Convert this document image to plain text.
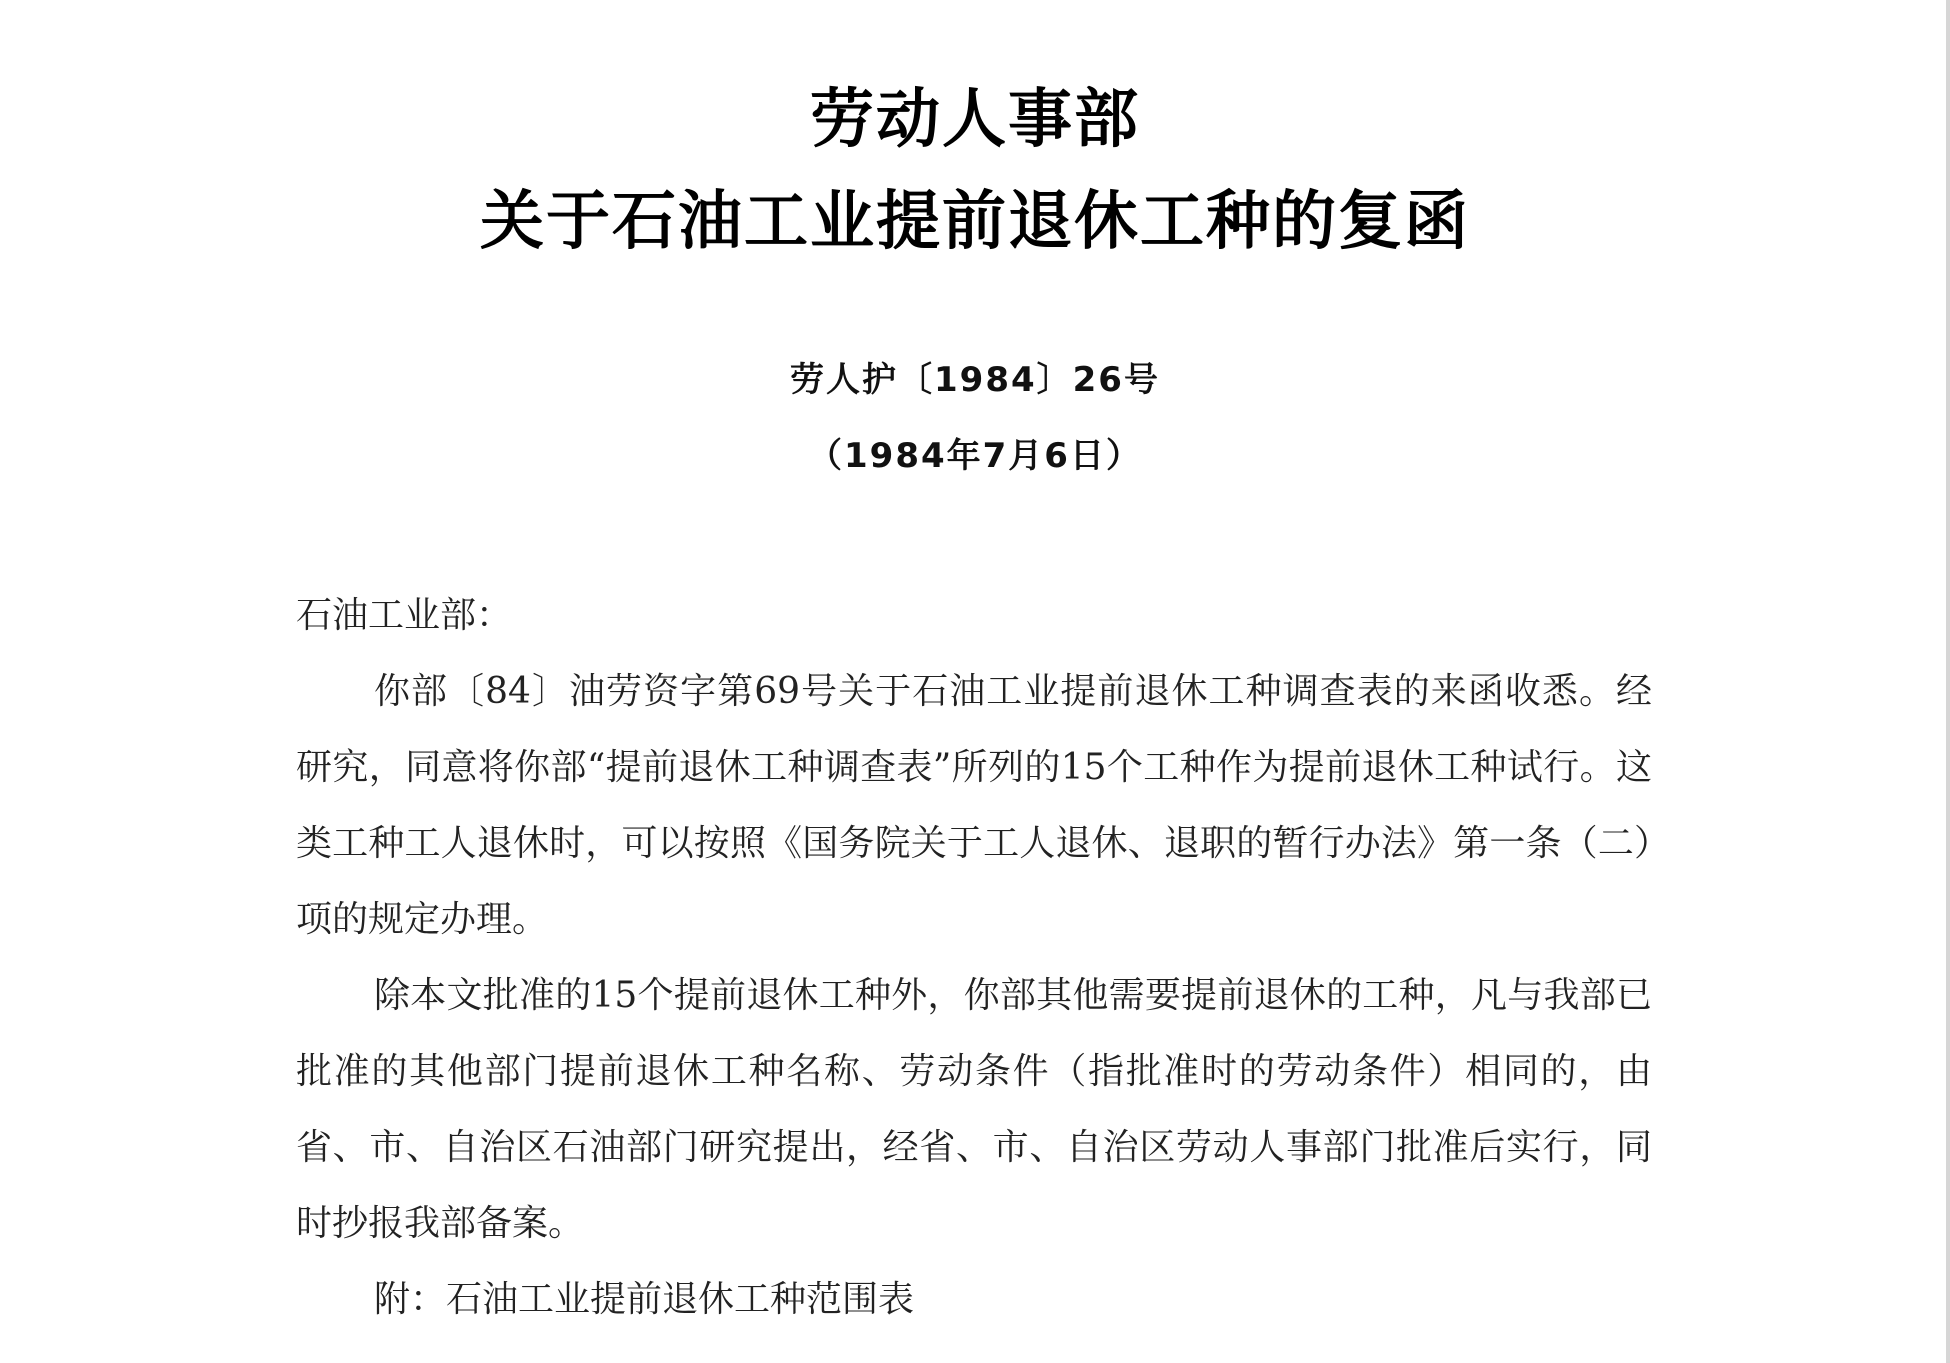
劳动人事部
关于石油工业提前退休工种的复函
劳人护〔1984〕26号
（1984年7月6日）

石油工业部：

你部〔84〕油劳资字第69号关于石油工业提前退休工种调查表的来函收悉。经研究，同意将你部“提前退休工种调查表”所列的15个工种作为提前退休工种试行。这类工种工人退休时，可以按照《国务院关于工人退休、退职的暂行办法》第一条（二）项的规定办理。

除本文批准的15个提前退休工种外，你部其他需要提前退休的工种，凡与我部已批准的其他部门提前退休工种名称、劳动条件（指批准时的劳动条件）相同的，由省、市、自治区石油部门研究提出，经省、市、自治区劳动人事部门批准后实行，同时抄报我部备案。

附：石油工业提前退休工种范围表
